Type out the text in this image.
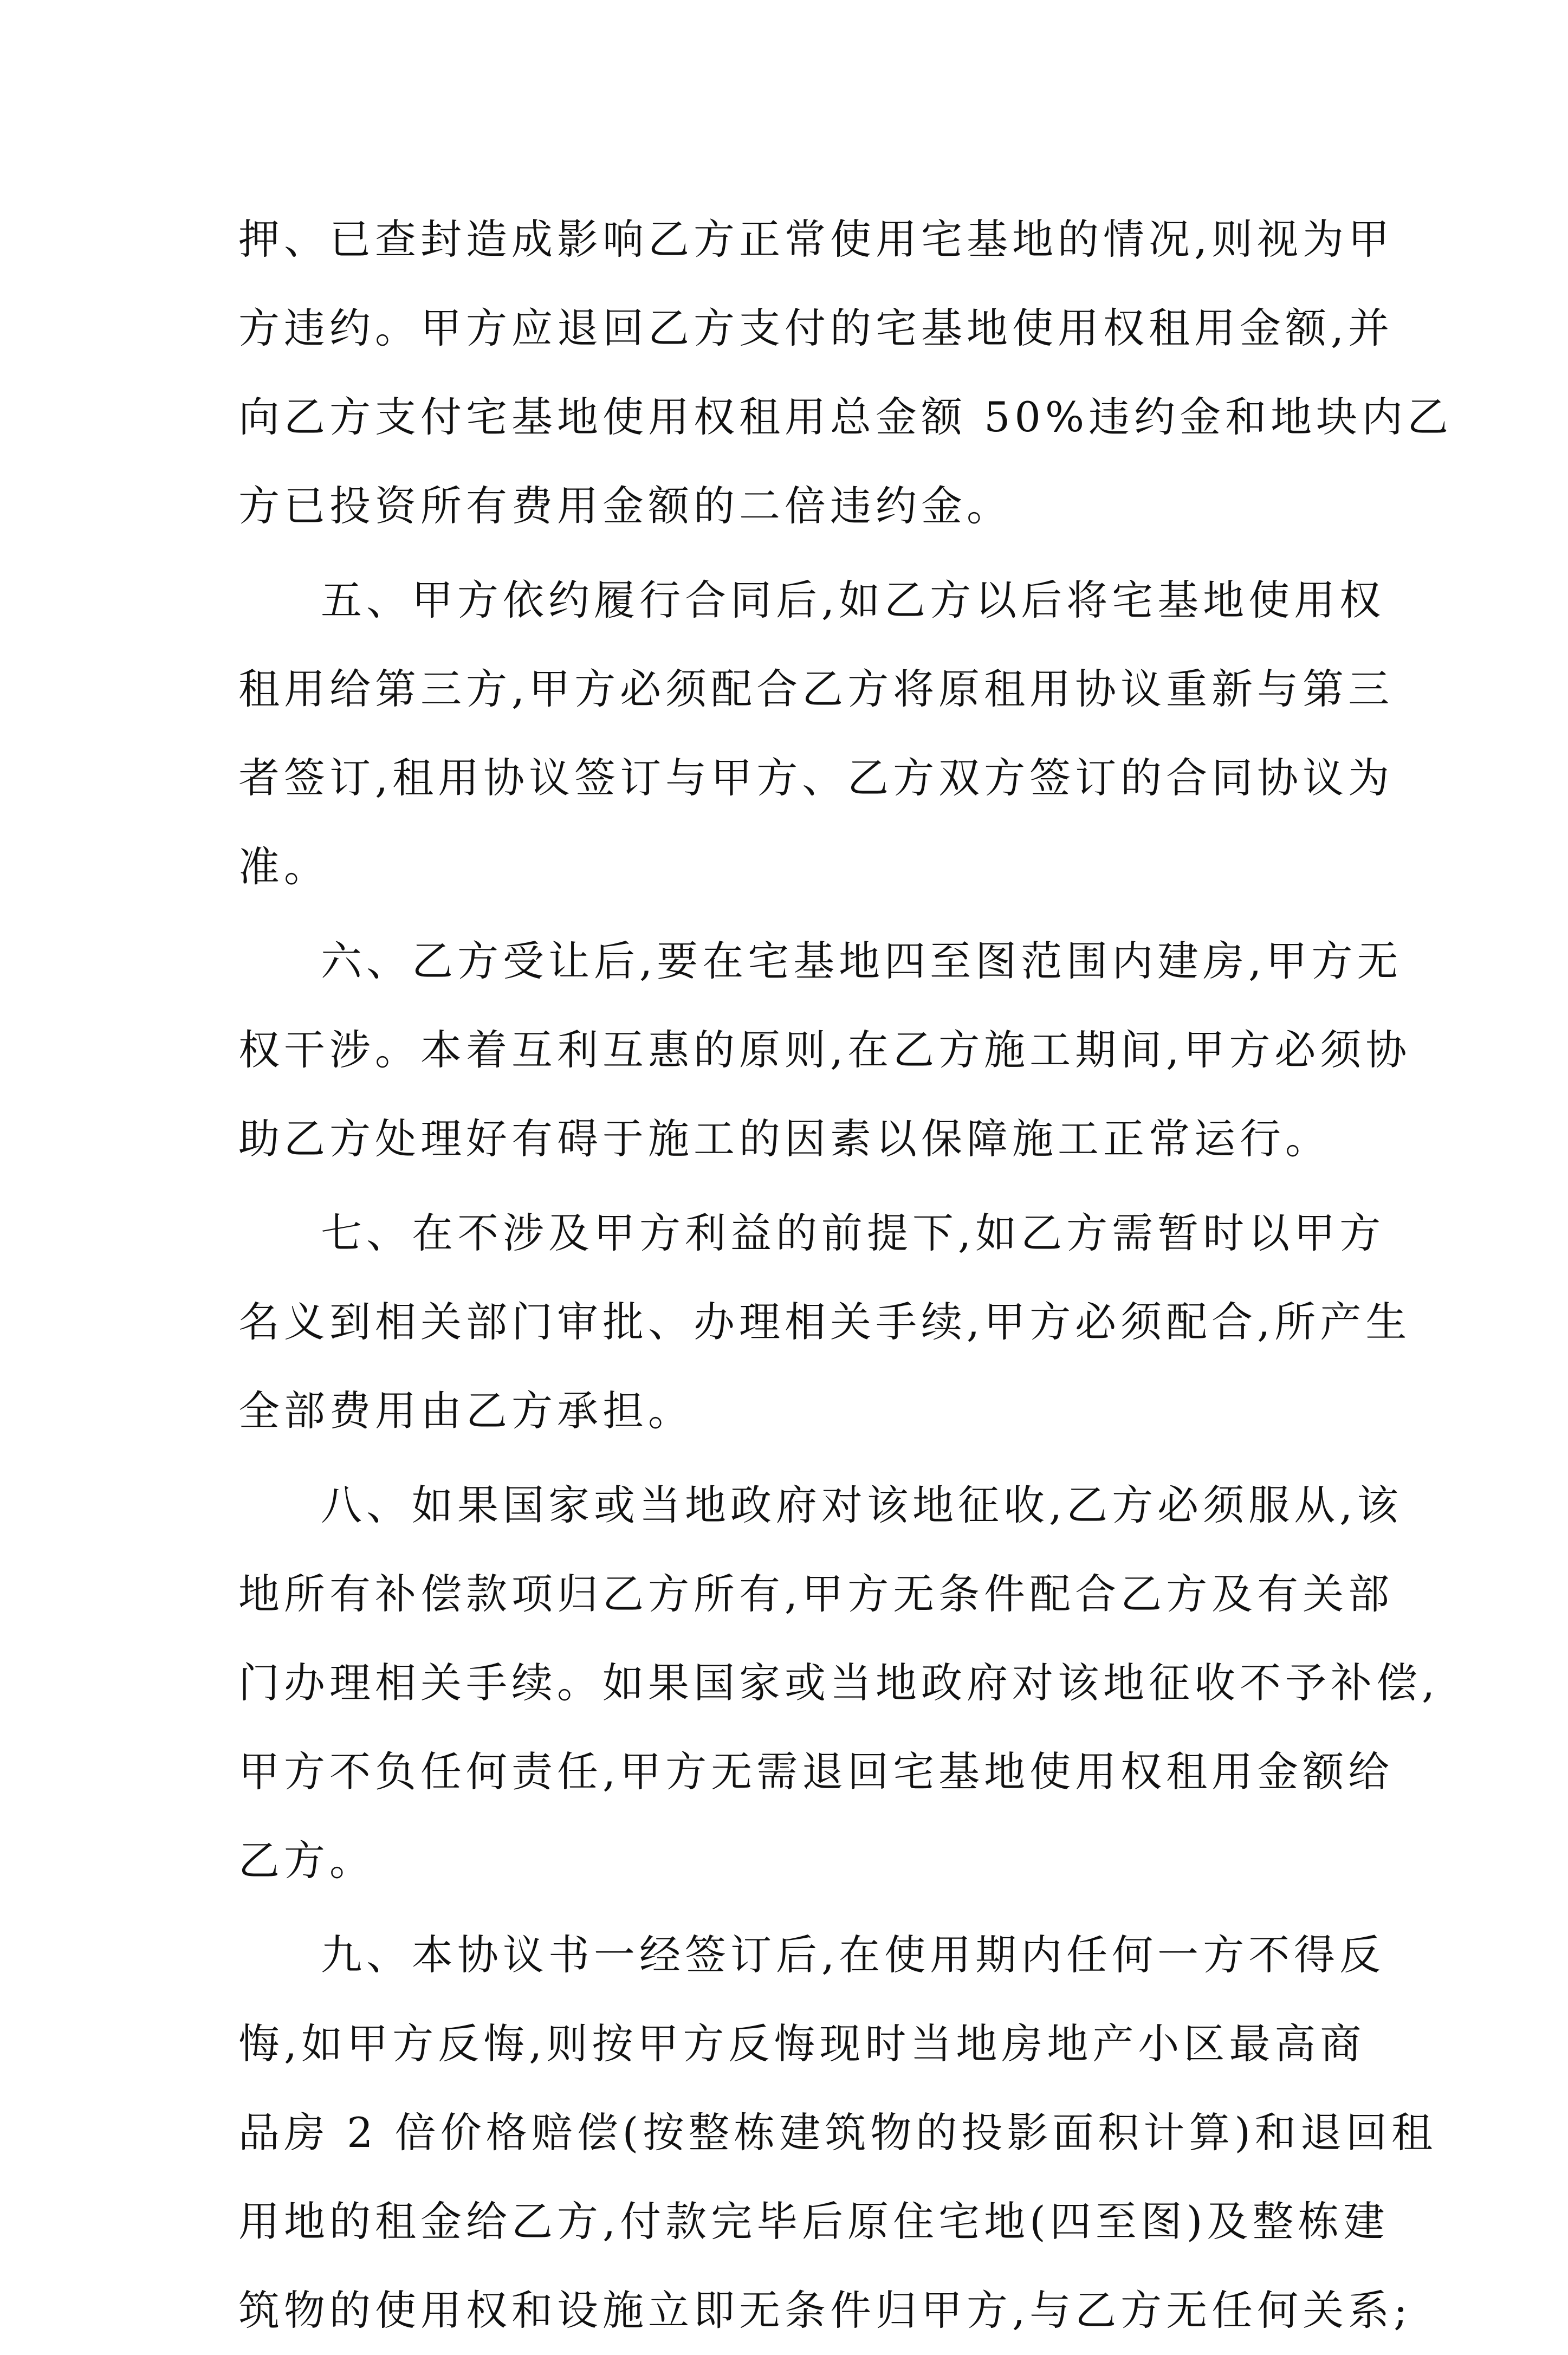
押、已查封造成影响乙方正常使用宅基地的情况,则视为甲
方违约。甲方应退回乙方支付的宅基地使用权租用金额,并
向乙方支付宅基地使用权租用总金额 50%违约金和地块内乙
方已投资所有费用金额的二倍违约金。
五、甲方依约履行合同后,如乙方以后将宅基地使用权
租用给第三方,甲方必须配合乙方将原租用协议重新与第三
者签订,租用协议签订与甲方、乙方双方签订的合同协议为
准。
六、乙方受让后,要在宅基地四至图范围内建房,甲方无
权干涉。本着互利互惠的原则,在乙方施工期间,甲方必须协
助乙方处理好有碍于施工的因素以保障施工正常运行。
七、在不涉及甲方利益的前提下,如乙方需暂时以甲方
名义到相关部门审批、办理相关手续,甲方必须配合,所产生
全部费用由乙方承担。
八、如果国家或当地政府对该地征收,乙方必须服从,该
地所有补偿款项归乙方所有,甲方无条件配合乙方及有关部
门办理相关手续。如果国家或当地政府对该地征收不予补偿,
甲方不负任何责任,甲方无需退回宅基地使用权租用金额给
乙方。
九、本协议书一经签订后,在使用期内任何一方不得反
悔,如甲方反悔,则按甲方反悔现时当地房地产小区最高商
品房 2 倍价格赔偿(按整栋建筑物的投影面积计算)和退回租
用地的租金给乙方,付款完毕后原住宅地(四至图)及整栋建
筑物的使用权和设施立即无条件归甲方,与乙方无任何关系;
